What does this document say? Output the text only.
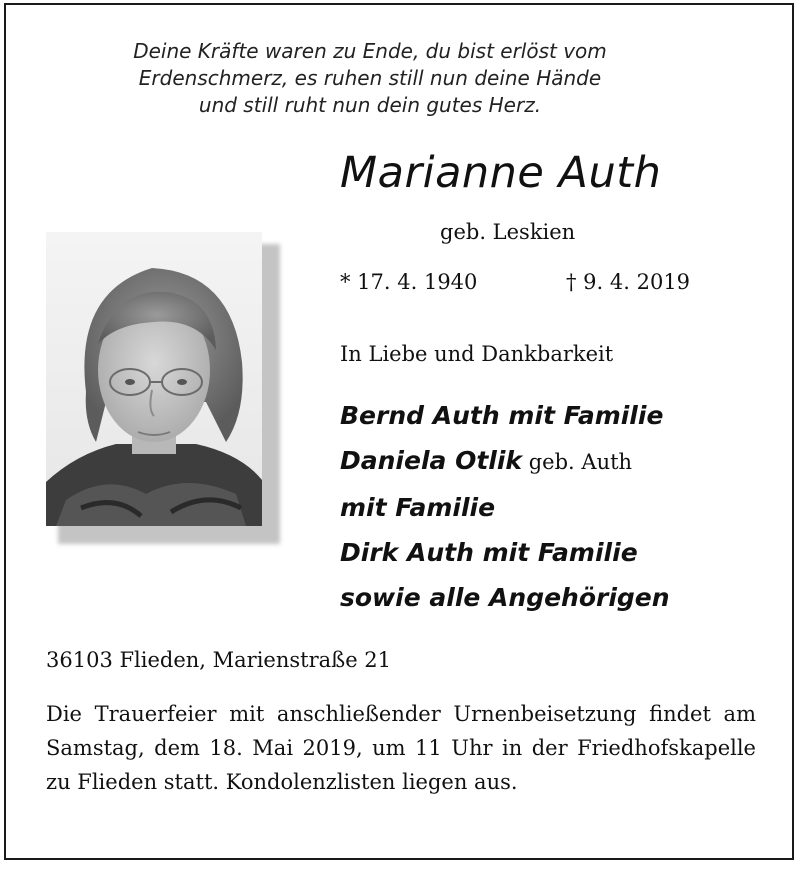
Deine Kräfte waren zu Ende, du bist erlöst vom
Erdenschmerz, es ruhen still nun deine Hände
und still ruht nun dein gutes Herz.
Marianne Auth
geb. Leskien
* 17. 4. 1940	† 9. 4. 2019
In Liebe und Dankbarkeit
Bernd Auth mit Familie
Daniela Otlik geb. Auth
mit Familie
Dirk Auth mit Familie
sowie alle Angehörigen
36103 Flieden, Marienstraße 21
Die Trauerfeier mit anschließender Urnenbeisetzung findet am Samstag, dem 18. Mai 2019, um 11 Uhr in der Friedhofskapelle zu Flieden statt. Kondolenzlisten liegen aus.
